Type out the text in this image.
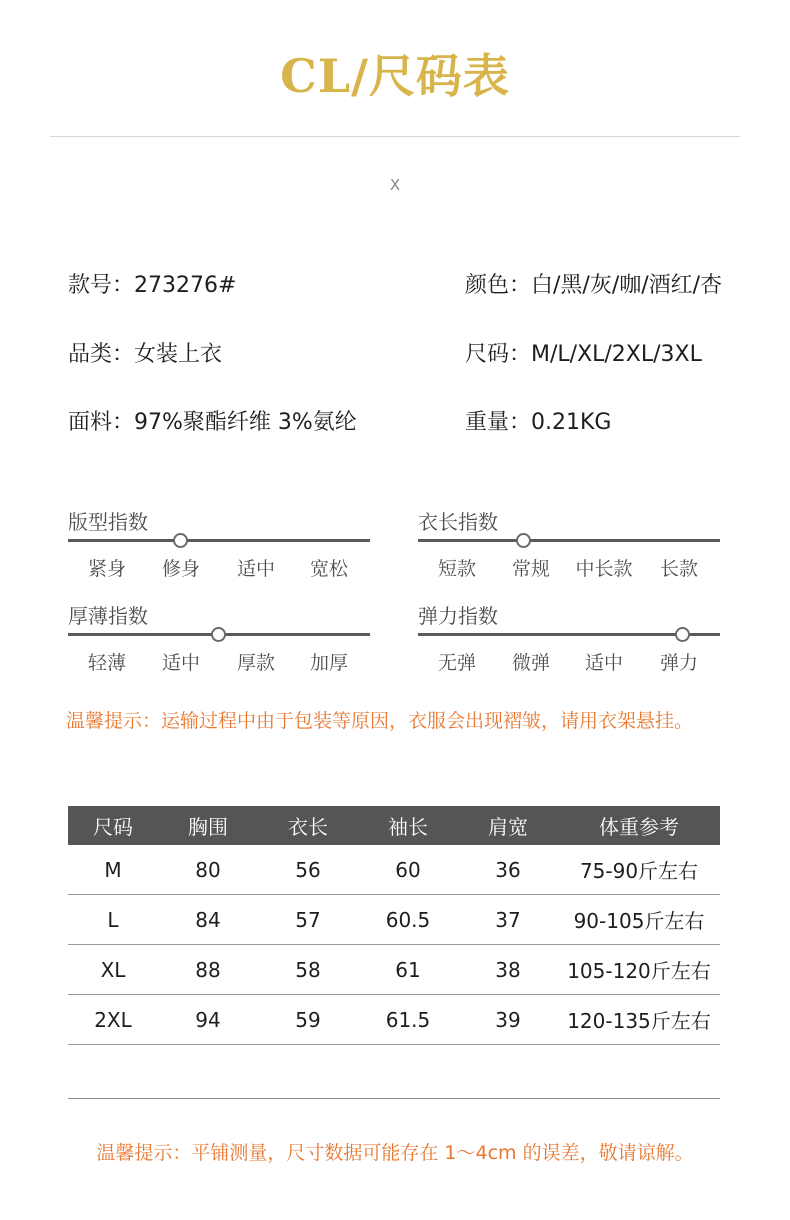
CL/尺码表
X
款号：273276#	颜色：白/黑/灰/咖/酒红/杏
品类：女装上衣	尺码：M/L/XL/2XL/3XL
面料：97%聚酯纤维 3%氨纶	重量：0.21KG
版型指数
紧身	修身	适中	宽松
衣长指数
短款	常规	中长款	长款
厚薄指数
轻薄	适中	厚款	加厚
弹力指数
无弹	微弹	适中	弹力
温馨提示：运输过程中由于包装等原因，衣服会出现褶皱，请用衣架悬挂。
尺码	胸围	衣长	袖长	肩宽	体重参考
M	80	56	60	36	75-90斤左右
L	84	57	60.5	37	90-105斤左右
XL	88	58	61	38	105-120斤左右
2XL	94	59	61.5	39	120-135斤左右
温馨提示：平铺测量，尺寸数据可能存在 1～4cm 的误差，敬请谅解。
